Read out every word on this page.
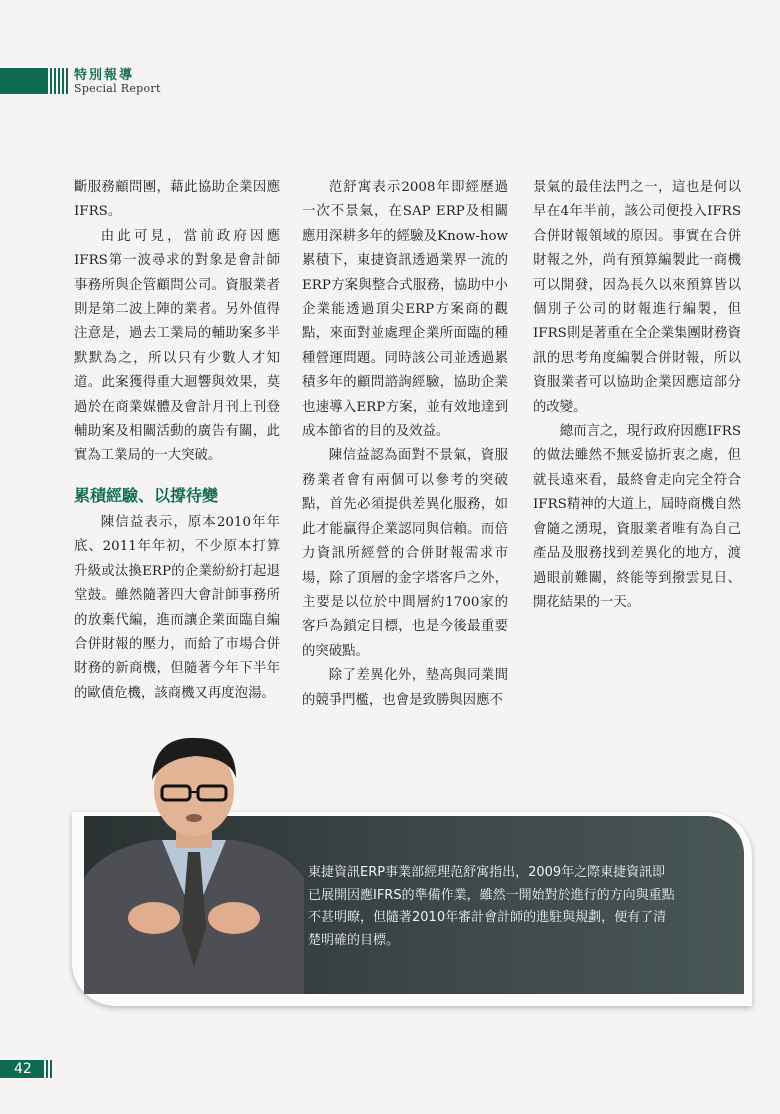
特別報導
Special Report

斷服務顧問團，藉此協助企業因應IFRS。

由此可見，當前政府因應IFRS第一波尋求的對象是會計師事務所與企管顧問公司。資服業者則是第二波上陣的業者。另外值得注意是，過去工業局的輔助案多半默默為之，所以只有少數人才知道。此案獲得重大迴響與效果，莫過於在商業媒體及會計月刊上刊登輔助案及相關活動的廣告有關，此實為工業局的一大突破。

累積經驗、以撐待變

陳信益表示，原本2010年年底、2011年年初，不少原本打算升級或汰換ERP的企業紛紛打起退堂鼓。雖然隨著四大會計師事務所的放棄代編，進而讓企業面臨自編合併財報的壓力，而給了市場合併財務的新商機，但隨著今年下半年的歐債危機，該商機又再度泡湯。

范舒寓表示2008年即經歷過一次不景氣，在SAP ERP及相關應用深耕多年的經驗及Know-how累積下，東捷資訊透過業界一流的ERP方案與整合式服務，協助中小企業能透過頂尖ERP方案商的觀點，來面對並處理企業所面臨的種種營運問題。同時該公司並透過累積多年的顧問諮詢經驗，協助企業也速導入ERP方案，並有效地達到成本節省的目的及效益。

陳信益認為面對不景氣，資服務業者會有兩個可以參考的突破點，首先必須提供差異化服務，如此才能贏得企業認同與信賴。而倍力資訊所經營的合併財報需求市場，除了頂層的金字塔客戶之外，主要是以位於中間層約1700家的客戶為鎖定目標，也是今後最重要的突破點。

除了差異化外，墊高與同業間的競爭門檻，也會是致勝與因應不

景氣的最佳法門之一，這也是何以早在4年半前，該公司便投入IFRS合併財報領域的原因。事實在合併財報之外，尚有預算編製此一商機可以開發，因為長久以來預算皆以個別子公司的財報進行編製，但IFRS則是著重在全企業集團財務資訊的思考角度編製合併財報，所以資服業者可以協助企業因應這部分的改變。

總而言之，現行政府因應IFRS的做法雖然不無妥協折衷之處，但就長遠來看，最終會走向完全符合IFRS精神的大道上，屆時商機自然會隨之湧現，資服業者唯有為自己產品及服務找到差異化的地方，渡過眼前難關，終能等到撥雲見日、開花結果的一天。

東捷資訊ERP事業部經理范舒寓指出，2009年之際東捷資訊即已展開因應IFRS的準備作業，雖然一開始對於進行的方向與重點不甚明瞭，但隨著2010年審計會計師的進駐與規劃，便有了清楚明確的目標。
42
